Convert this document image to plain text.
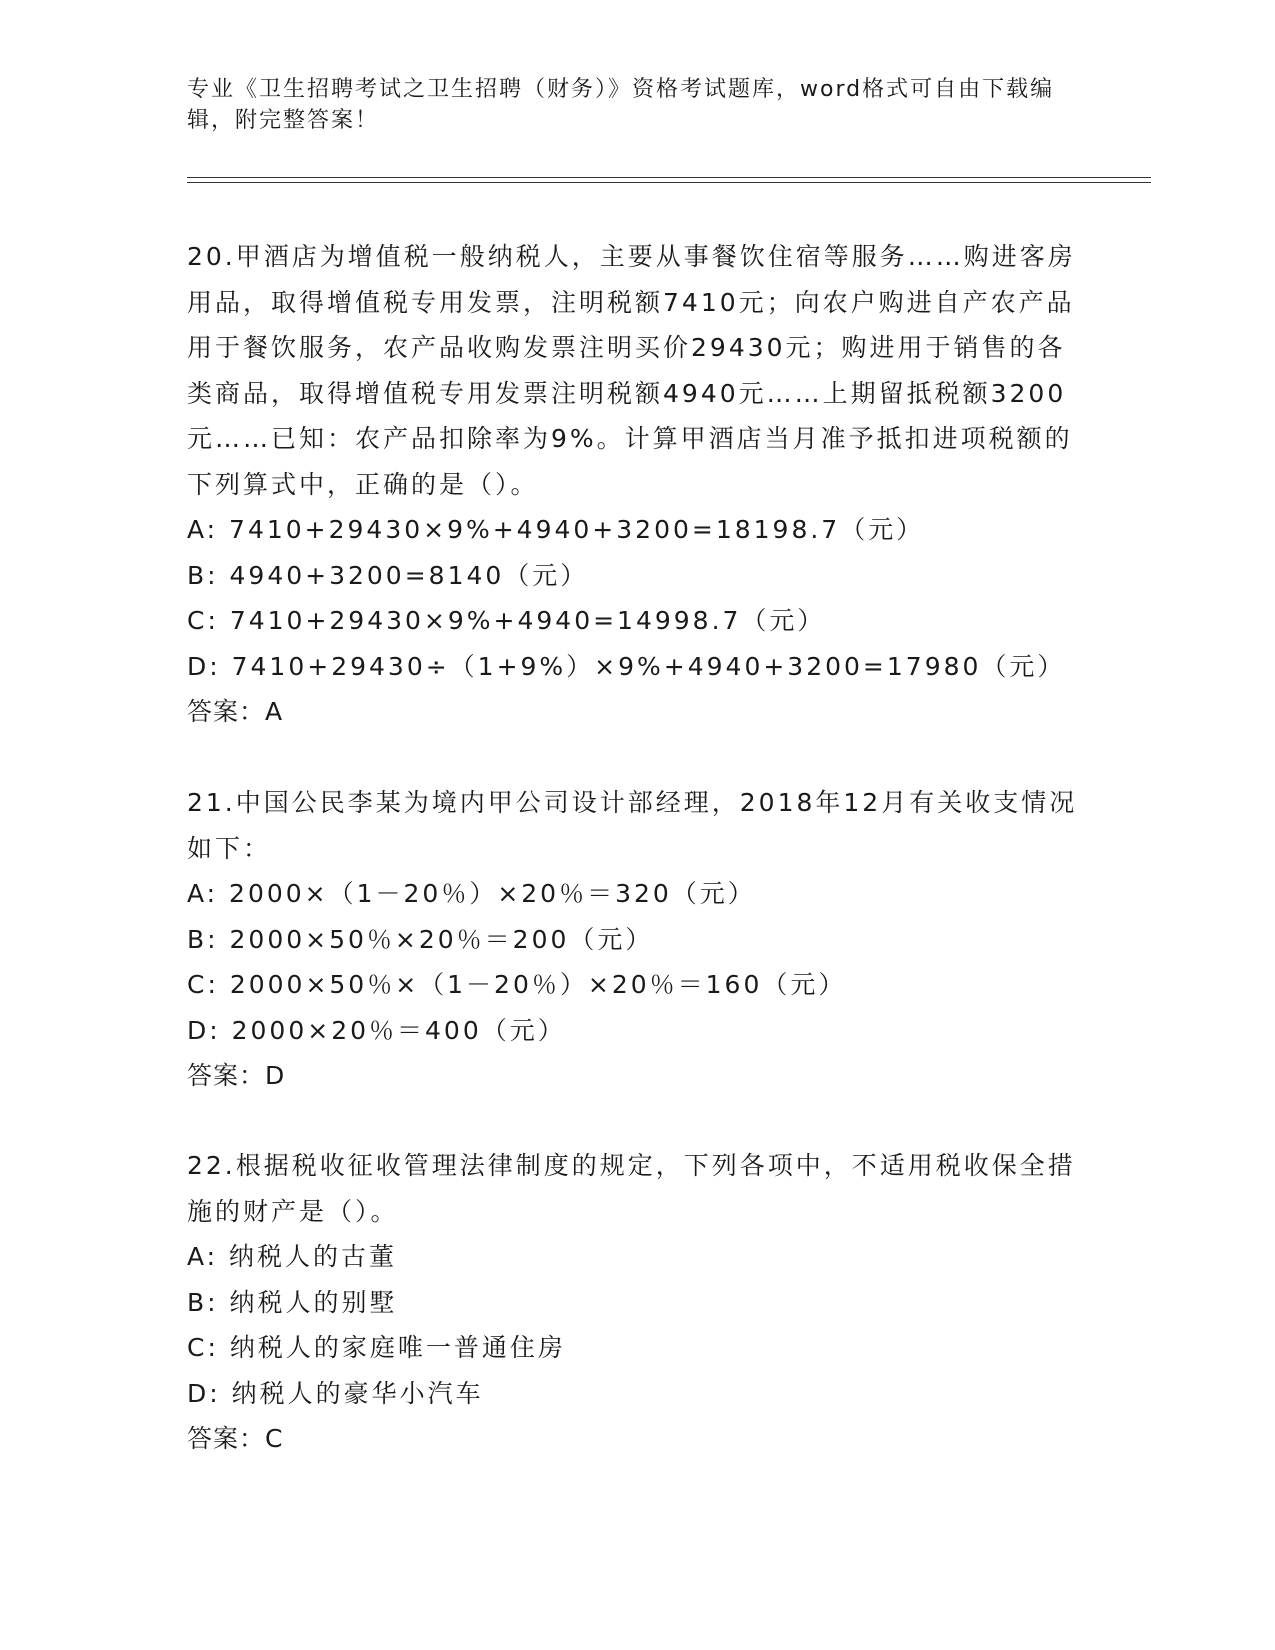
专业《卫生招聘考试之卫生招聘（财务）》资格考试题库，word格式可自由下载编辑，附完整答案！
20.甲酒店为增值税一般纳税人，主要从事餐饮住宿等服务……购进客房用品，取得增值税专用发票，注明税额7410元；向农户购进自产农产品用于餐饮服务，农产品收购发票注明买价29430元；购进用于销售的各类商品，取得增值税专用发票注明税额4940元……上期留抵税额3200元……已知：农产品扣除率为9%。计算甲酒店当月准予抵扣进项税额的下列算式中，正确的是（）。
A: 7410+29430×9%+4940+3200=18198.7（元）
B: 4940+3200=8140（元）
C: 7410+29430×9%+4940=14998.7（元）
D: 7410+29430÷（1+9%）×9%+4940+3200=17980（元）
答案：A
21.中国公民李某为境内甲公司设计部经理，2018年12月有关收支情况如下：
A: 2000×（1－20％）×20％＝320（元）
B: 2000×50％×20％＝200（元）
C: 2000×50％×（1－20％）×20％＝160（元）
D: 2000×20％＝400（元）
答案：D
22.根据税收征收管理法律制度的规定，下列各项中，不适用税收保全措施的财产是（）。
A: 纳税人的古董
B: 纳税人的别墅
C: 纳税人的家庭唯一普通住房
D: 纳税人的豪华小汽车
答案：C
